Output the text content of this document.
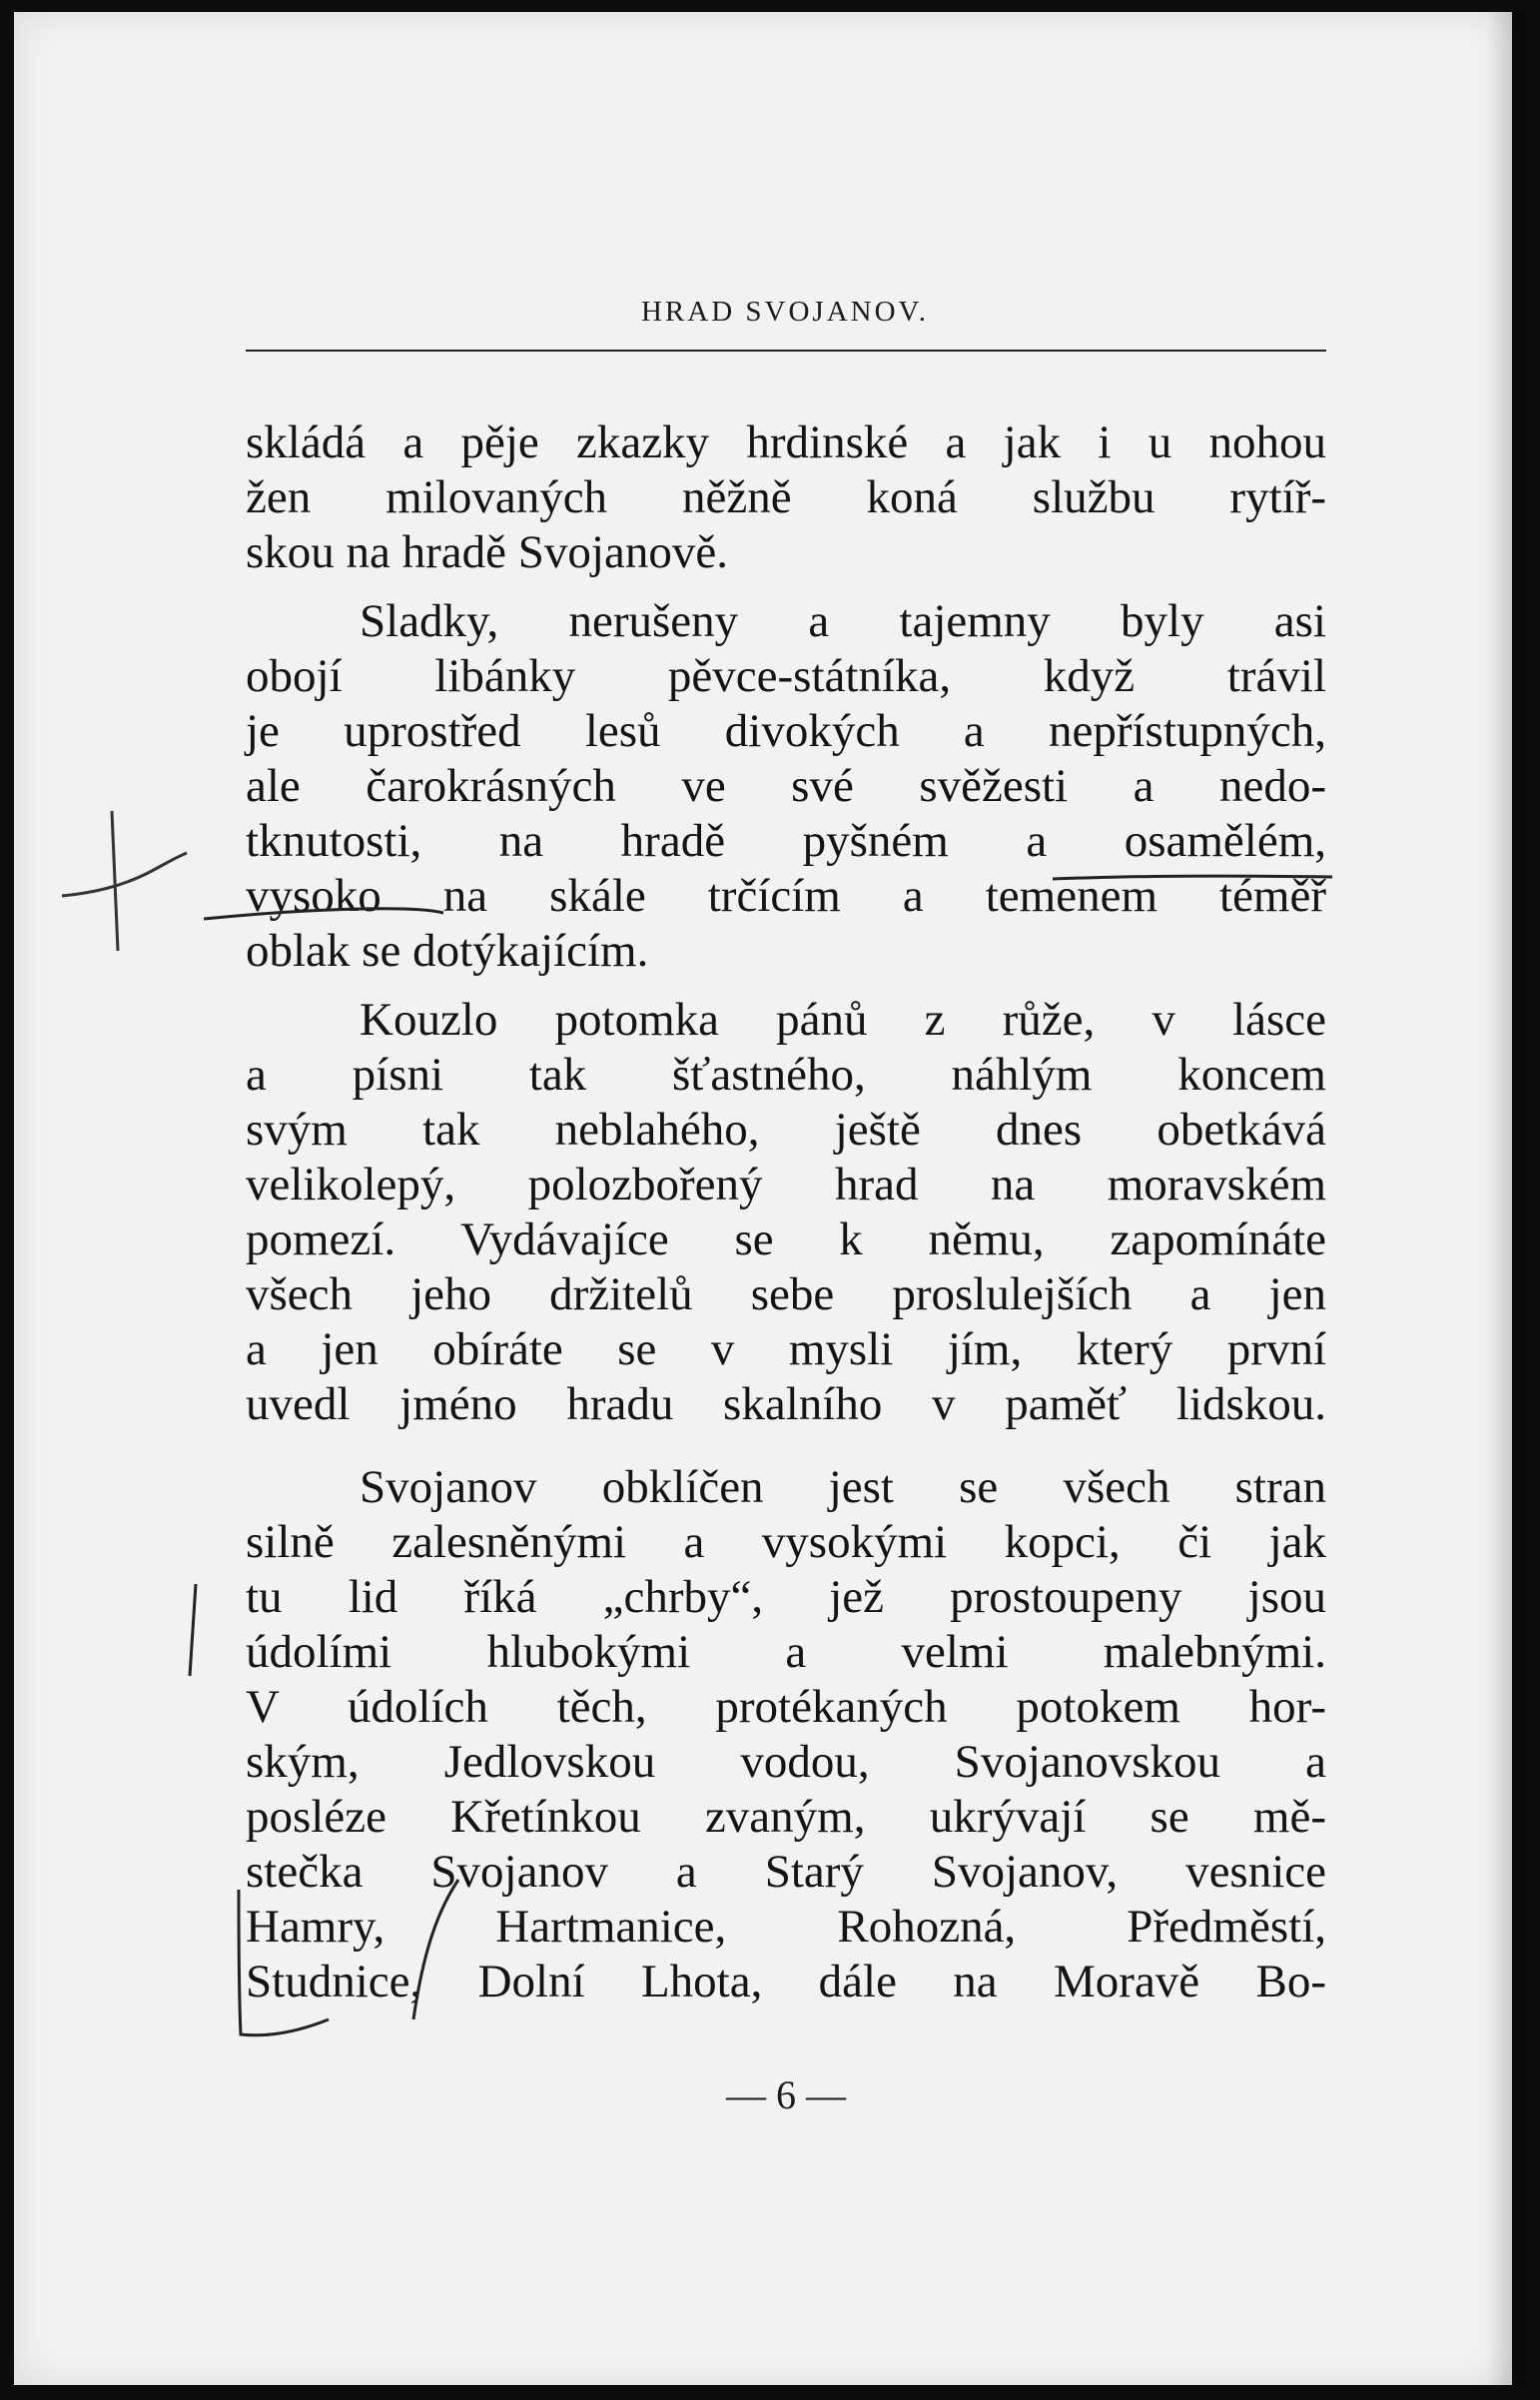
HRAD SVOJANOV.
skládá a pěje zkazky hrdinské a jak i u nohou
žen milovaných něžně koná službu rytíř-
skou na hradě Svojanově.
Sladky, nerušeny a tajemny byly asi
obojí libánky pěvce-státníka, když trávil
je uprostřed lesů divokých a nepřístupných,
ale čarokrásných ve své svěžesti a nedo-
tknutosti, na hradě pyšném a osamělém,
vysoko na skále trčícím a temenem téměř
oblak se dotýkajícím.
Kouzlo potomka pánů z růže, v lásce
a písni tak šťastného, náhlým koncem
svým tak neblahého, ještě dnes obetkává
velikolepý, polozbořený hrad na moravském
pomezí. Vydávajíce se k němu, zapomínáte
všech jeho držitelů sebe proslulejších a jen
a jen obíráte se v mysli jím, který první
uvedl jméno hradu skalního v paměť lidskou.
Svojanov obklíčen jest se všech stran
silně zalesněnými a vysokými kopci, či jak
tu lid říká „chrby“, jež prostoupeny jsou
údolími hlubokými a velmi malebnými.
V údolích těch, protékaných potokem hor-
ským, Jedlovskou vodou, Svojanovskou a
posléze Křetínkou zvaným, ukrývají se mě-
stečka Svojanov a Starý Svojanov, vesnice
Hamry, Hartmanice, Rohozná, Předměstí,
Studnice, Dolní Lhota, dále na Moravě Bo-
— 6 —
